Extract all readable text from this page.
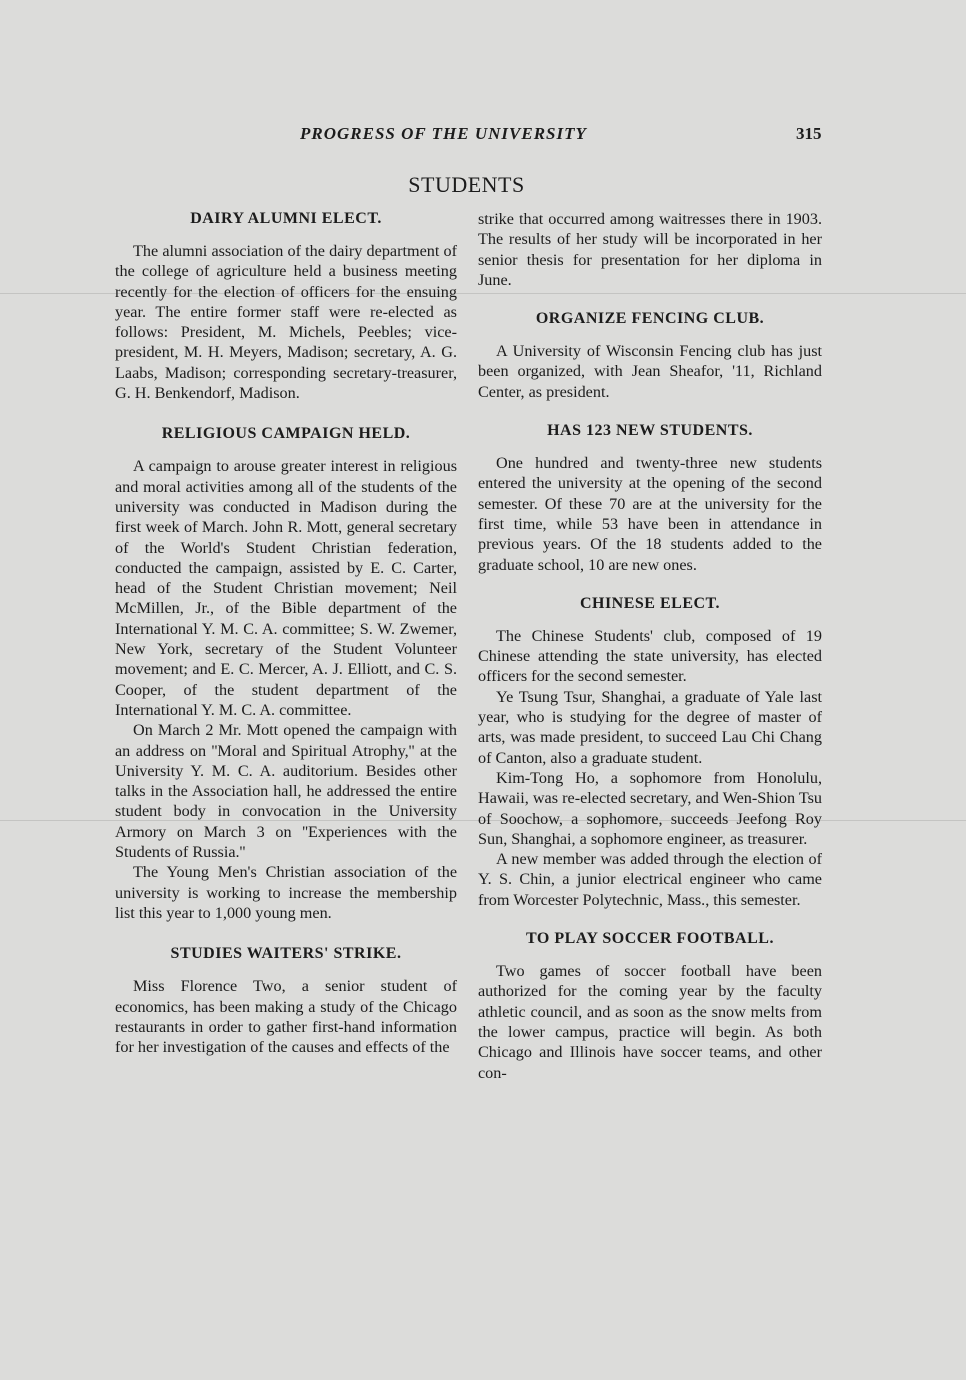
PROGRESS OF THE UNIVERSITY	315
STUDENTS
DAIRY ALUMNI ELECT.

The alumni association of the dairy department of the college of agriculture held a business meeting recently for the election of officers for the ensuing year. The entire former staff were re-elected as follows: President, M. Michels, Peebles; vice-president, M. H. Meyers, Madison; secretary, A. G. Laabs, Madison; corresponding secretary-treasurer, G. H. Benkendorf, Madison.

RELIGIOUS CAMPAIGN HELD.

A campaign to arouse greater interest in religious and moral activities among all of the students of the university was conducted in Madison during the first week of March. John R. Mott, general secretary of the World's Student Christian federation, conducted the campaign, assisted by E. C. Carter, head of the Student Christian movement; Neil McMillen, Jr., of the Bible department of the International Y. M. C. A. committee; S. W. Zwemer, New York, secretary of the Student Volunteer movement; and E. C. Mercer, A. J. Elliott, and C. S. Cooper, of the student department of the International Y. M. C. A. committee.

On March 2 Mr. Mott opened the campaign with an address on ''Moral and Spiritual Atrophy,'' at the University Y. M. C. A. auditorium. Besides other talks in the Association hall, he addressed the entire student body in convocation in the University Armory on March 3 on ''Experiences with the Students of Russia.''

The Young Men's Christian association of the university is working to increase the membership list this year to 1,000 young men.

STUDIES WAITERS' STRIKE.

Miss Florence Two, a senior student of economics, has been making a study of the Chicago restaurants in order to gather first-hand information for her investigation of the causes and effects of the

strike that occurred among waitresses there in 1903. The results of her study will be incorporated in her senior thesis for presentation for her diploma in June.

ORGANIZE FENCING CLUB.

A University of Wisconsin Fencing club has just been organized, with Jean Sheafor, '11, Richland Center, as president.

HAS 123 NEW STUDENTS.

One hundred and twenty-three new students entered the university at the opening of the second semester. Of these 70 are at the university for the first time, while 53 have been in attendance in previous years. Of the 18 students added to the graduate school, 10 are new ones.

CHINESE ELECT.

The Chinese Students' club, composed of 19 Chinese attending the state university, has elected officers for the second semester.

Ye Tsung Tsur, Shanghai, a graduate of Yale last year, who is studying for the degree of master of arts, was made president, to succeed Lau Chi Chang of Canton, also a graduate student.

Kim-Tong Ho, a sophomore from Honolulu, Hawaii, was re-elected secretary, and Wen-Shion Tsu of Soochow, a sophomore, succeeds Jeefong Roy Sun, Shanghai, a sophomore engineer, as treasurer.

A new member was added through the election of Y. S. Chin, a junior electrical engineer who came from Worcester Polytechnic, Mass., this semester.

TO PLAY SOCCER FOOTBALL.

Two games of soccer football have been authorized for the coming year by the faculty athletic council, and as soon as the snow melts from the lower campus, practice will begin. As both Chicago and Illinois have soccer teams, and other con-
